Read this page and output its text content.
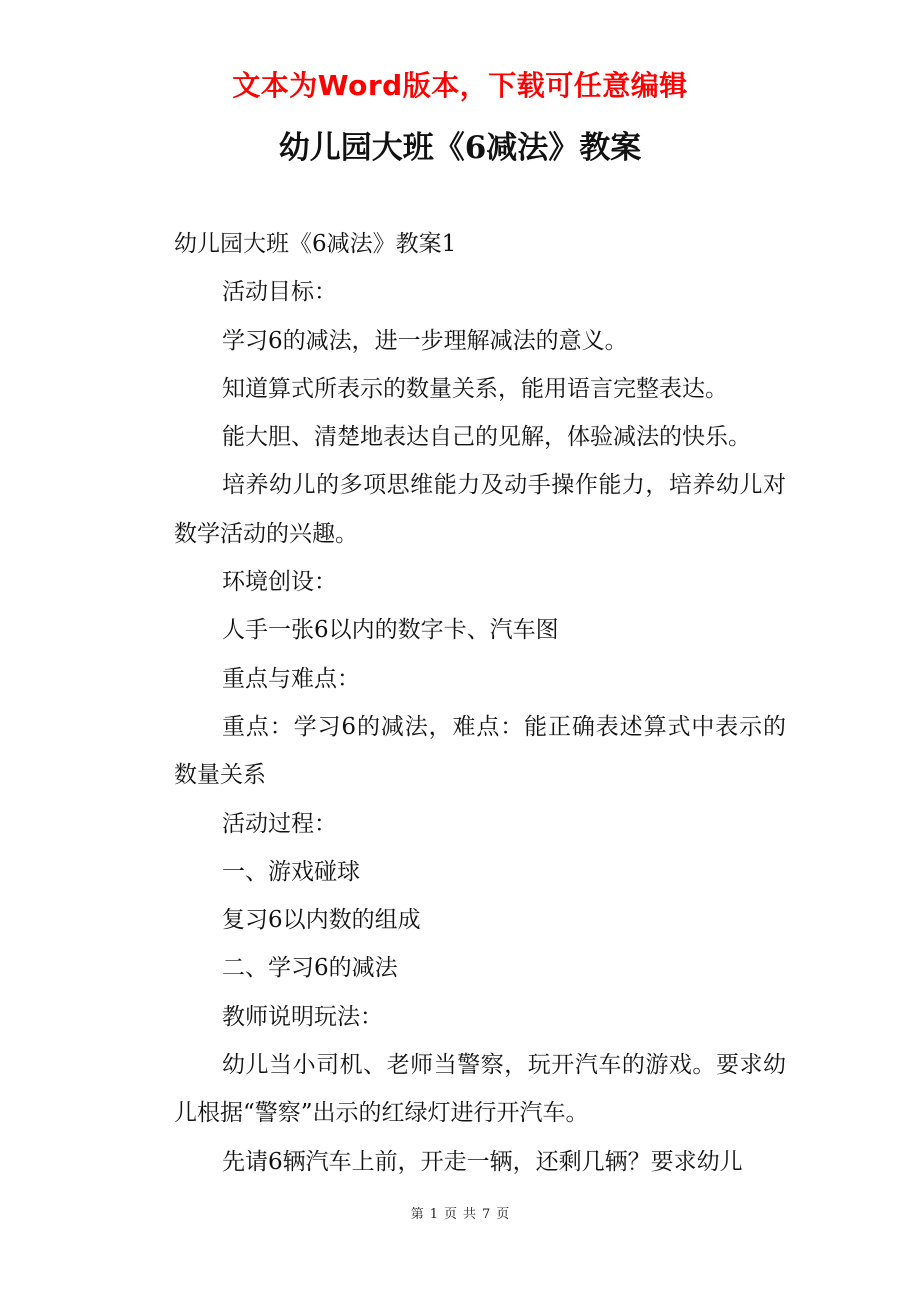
文本为Word版本，下载可任意编辑
幼儿园大班《6减法》教案

幼儿园大班《6减法》教案1

活动目标：

学习6的减法，进一步理解减法的意义。

知道算式所表示的数量关系，能用语言完整表达。

能大胆、清楚地表达自己的见解，体验减法的快乐。

培养幼儿的多项思维能力及动手操作能力，培养幼儿对数学活动的兴趣。

环境创设：

人手一张6以内的数字卡、汽车图

重点与难点：

重点：学习6的减法，难点：能正确表述算式中表示的数量关系

活动过程：

一、游戏碰球

复习6以内数的组成

二、学习6的减法

教师说明玩法：

幼儿当小司机、老师当警察，玩开汽车的游戏。要求幼儿根据“警察”出示的红绿灯进行开汽车。

先请6辆汽车上前，开走一辆，还剩几辆？要求幼儿

第 1 页 共 7 页
